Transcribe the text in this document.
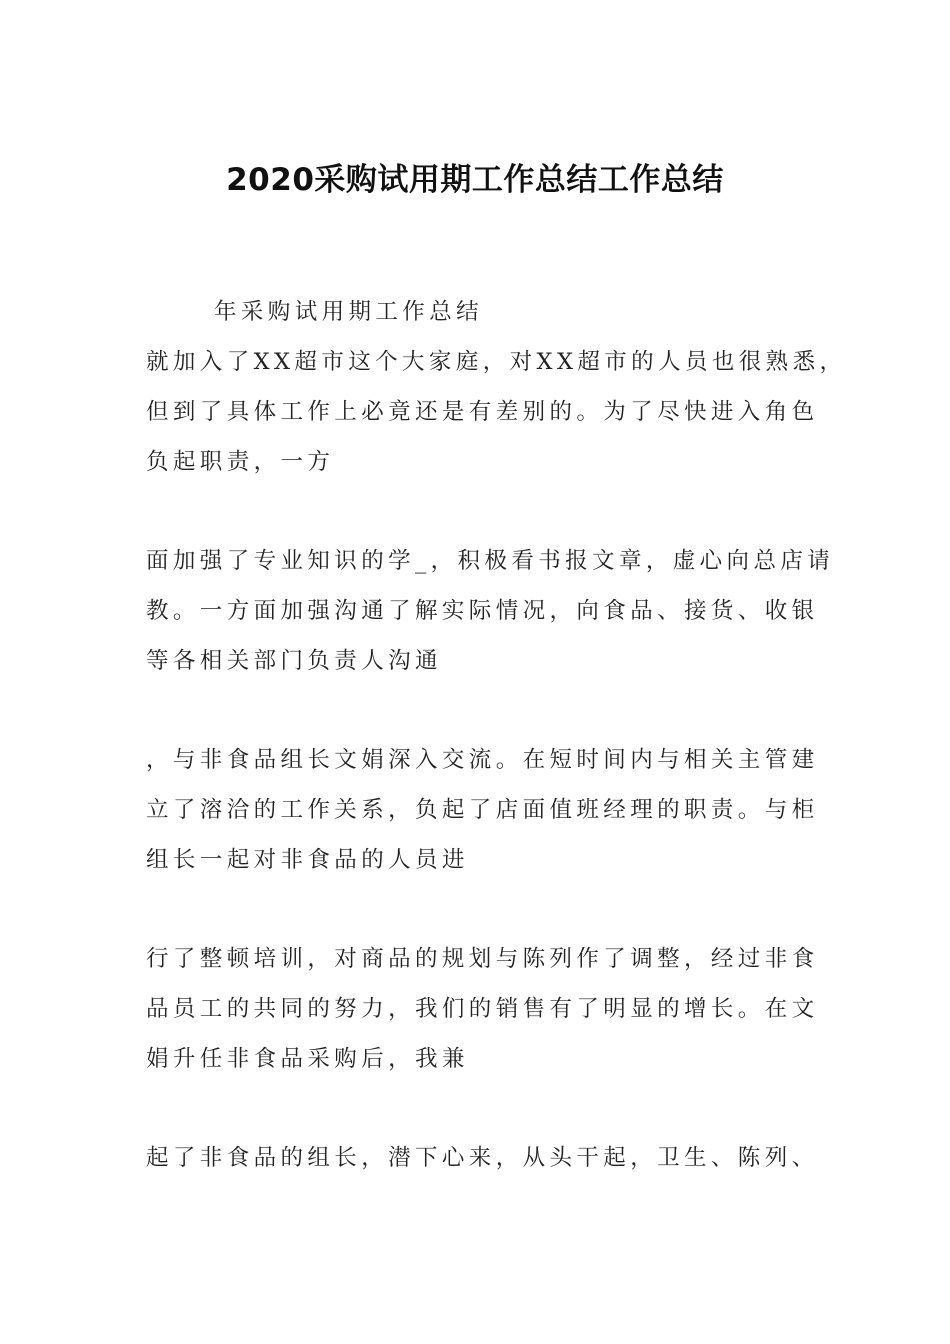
2020采购试用期工作总结工作总结
年采购试用期工作总结
就加入了XX超市这个大家庭，对XX超市的人员也很熟悉，
但到了具体工作上必竟还是有差别的。为了尽快进入角色
负起职责，一方
面加强了专业知识的学_，积极看书报文章，虚心向总店请
教。一方面加强沟通了解实际情况，向食品、接货、收银
等各相关部门负责人沟通
，与非食品组长文娟深入交流。在短时间内与相关主管建
立了溶洽的工作关系，负起了店面值班经理的职责。与柜
组长一起对非食品的人员进
行了整顿培训，对商品的规划与陈列作了调整，经过非食
品员工的共同的努力，我们的销售有了明显的增长。在文
娟升任非食品采购后，我兼
起了非食品的组长，潜下心来，从头干起，卫生、陈列、
